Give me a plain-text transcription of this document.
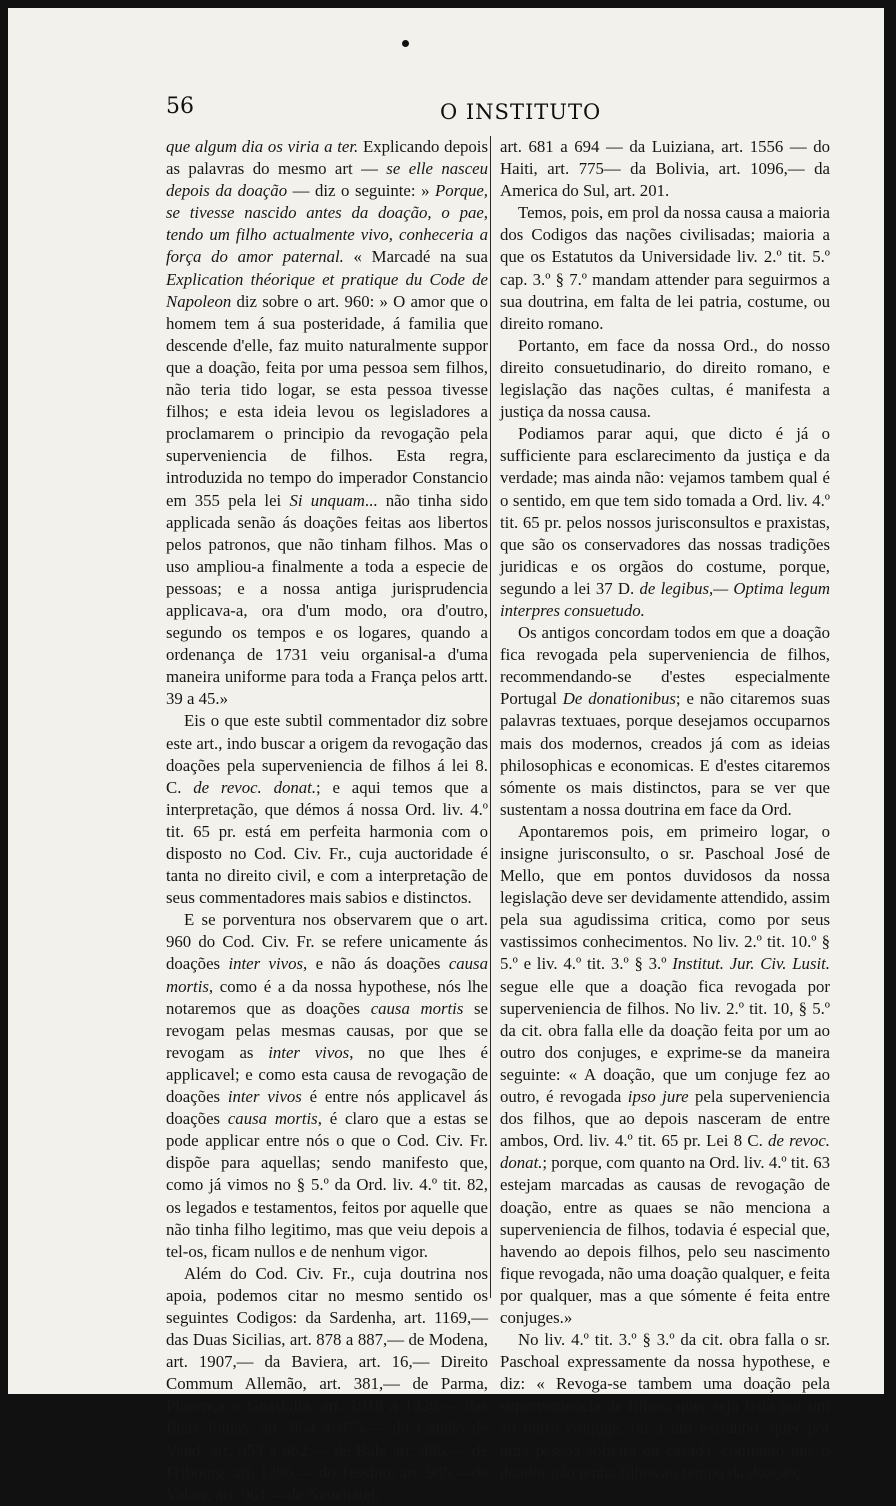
56	O INSTITUTO

que algum dia os viria a ter. Explicando depois as palavras do mesmo art — se elle nasceu depois da doação — diz o seguinte: » Porque, se tivesse nascido antes da doação, o pae, tendo um filho actualmente vivo, conheceria a força do amor paternal. « Marcadé na sua Explication théorique et pratique du Code de Napoleon diz sobre o art. 960: » O amor que o homem tem á sua posteridade, á familia que descende d'elle, faz muito naturalmente suppor que a doação, feita por uma pessoa sem filhos, não teria tido logar, se esta pessoa tivesse filhos; e esta ideia levou os legisladores a proclamarem o principio da revogação pela superveniencia de filhos. Esta regra, introduzida no tempo do imperador Constancio em 355 pela lei Si unquam... não tinha sido applicada senão ás doações feitas aos libertos pelos patronos, que não tinham filhos. Mas o uso ampliou-a finalmente a toda a especie de pessoas; e a nossa antiga jurisprudencia applicava-a, ora d'um modo, ora d'outro, segundo os tempos e os logares, quando a ordenança de 1731 veiu organisal-a d'uma maneira uniforme para toda a França pelos artt. 39 a 45.»

Eis o que este subtil commentador diz sobre este art., indo buscar a origem da revogação das doações pela superveniencia de filhos á lei 8. C. de revoc. donat.; e aqui temos que a interpretação, que démos á nossa Ord. liv. 4.º tit. 65 pr. está em perfeita harmonia com o disposto no Cod. Civ. Fr., cuja auctoridade é tanta no direito civil, e com a interpretação de seus commentadores mais sabios e distinctos.

E se porventura nos observarem que o art. 960 do Cod. Civ. Fr. se refere unicamente ás doações inter vivos, e não ás doações causa mortis, como é a da nossa hypothese, nós lhe notaremos que as doações causa mortis se revogam pelas mesmas causas, por que se revogam as inter vivos, no que lhes é applicavel; e como esta causa de revogação de doações inter vivos é entre nós applicavel ás doações causa mortis, é claro que a estas se pode applicar entre nós o que o Cod. Civ. Fr. dispõe para aquellas; sendo manifesto que, como já vimos no § 5.º da Ord. liv. 4.º tit. 82, os legados e testamentos, feitos por aquelle que não tinha filho legitimo, mas que veiu depois a tel-os, ficam nullos e de nenhum vigor.

Além do Cod. Civ. Fr., cuja doutrina nos apoia, podemos citar no mesmo sentido os seguintes Codigos: da Sardenha, art. 1169,— das Duas Sicilias, art. 878 a 887,— de Modena, art. 1907,— da Baviera, art. 16,— Direito Commum Allemão, art. 381,— de Parma, Placença e Guastalla, art. 1918 a 1926,— das Ilhas Jonias, art. 864 a 875,— do Cantão de Vaud, art. 953 a 962,— de Bale art. 486,— de Fribourg, art. 1396 — do Tessino, art. 985,—de Valais, art. 961,—de Neuchatel,

art. 681 a 694 — da Luiziana, art. 1556 — do Haiti, art. 775— da Bolivia, art. 1096,— da America do Sul, art. 201.

Temos, pois, em prol da nossa causa a maioria dos Codigos das nações civilisadas; maioria a que os Estatutos da Universidade liv. 2.º tit. 5.º cap. 3.º § 7.º mandam attender para seguirmos a sua doutrina, em falta de lei patria, costume, ou direito romano.

Portanto, em face da nossa Ord., do nosso direito consuetudinario, do direito romano, e legislação das nações cultas, é manifesta a justiça da nossa causa.

Podiamos parar aqui, que dicto é já o sufficiente para esclarecimento da justiça e da verdade; mas ainda não: vejamos tambem qual é o sentido, em que tem sido tomada a Ord. liv. 4.º tit. 65 pr. pelos nossos jurisconsultos e praxistas, que são os conservadores das nossas tradições juridicas e os orgãos do costume, porque, segundo a lei 37 D. de legibus,— Optima legum interpres consuetudo.

Os antigos concordam todos em que a doação fica revogada pela superveniencia de filhos, recommendando-se d'estes especialmente Portugal De donationibus; e não citaremos suas palavras textuaes, porque desejamos occuparnos mais dos modernos, creados já com as ideias philosophicas e economicas. E d'estes citaremos sómente os mais distinctos, para se ver que sustentam a nossa doutrina em face da Ord.

Apontaremos pois, em primeiro logar, o insigne jurisconsulto, o sr. Paschoal José de Mello, que em pontos duvidosos da nossa legislação deve ser devidamente attendido, assim pela sua agudissima critica, como por seus vastissimos conhecimentos. No liv. 2.º tit. 10.º § 5.º e liv. 4.º tit. 3.º § 3.º Institut. Jur. Civ. Lusit. segue elle que a doação fica revogada por superveniencia de filhos. No liv. 2.º tit. 10, § 5.º da cit. obra falla elle da doação feita por um ao outro dos conjuges, e exprime-se da maneira seguinte: « A doação, que um conjuge fez ao outro, é revogada ipso jure pela superveniencia dos filhos, que ao depois nasceram de entre ambos, Ord. liv. 4.º tit. 65 pr. Lei 8 C. de revoc. donat.; porque, com quanto na Ord. liv. 4.º tit. 63 estejam marcadas as causas de revogação de doação, entre as quaes se não menciona a superveniencia de filhos, todavia é especial que, havendo ao depois filhos, pelo seu nascimento fique revogada, não uma doação qualquer, e feita por qualquer, mas a que sómente é feita entre conjuges.»

No liv. 4.º tit. 3.º § 3.º da cit. obra falla o sr. Paschoal expressamente da nossa hypothese, e diz: « Revoga-se tambem uma doação pela superveniencia de filhos, quer seja feita por um ao outro conjuge, ou a um extranho, quer por uma pessoa solteira ou casada, comtanto que o doador não tenha filhos ao tempo da doação;
